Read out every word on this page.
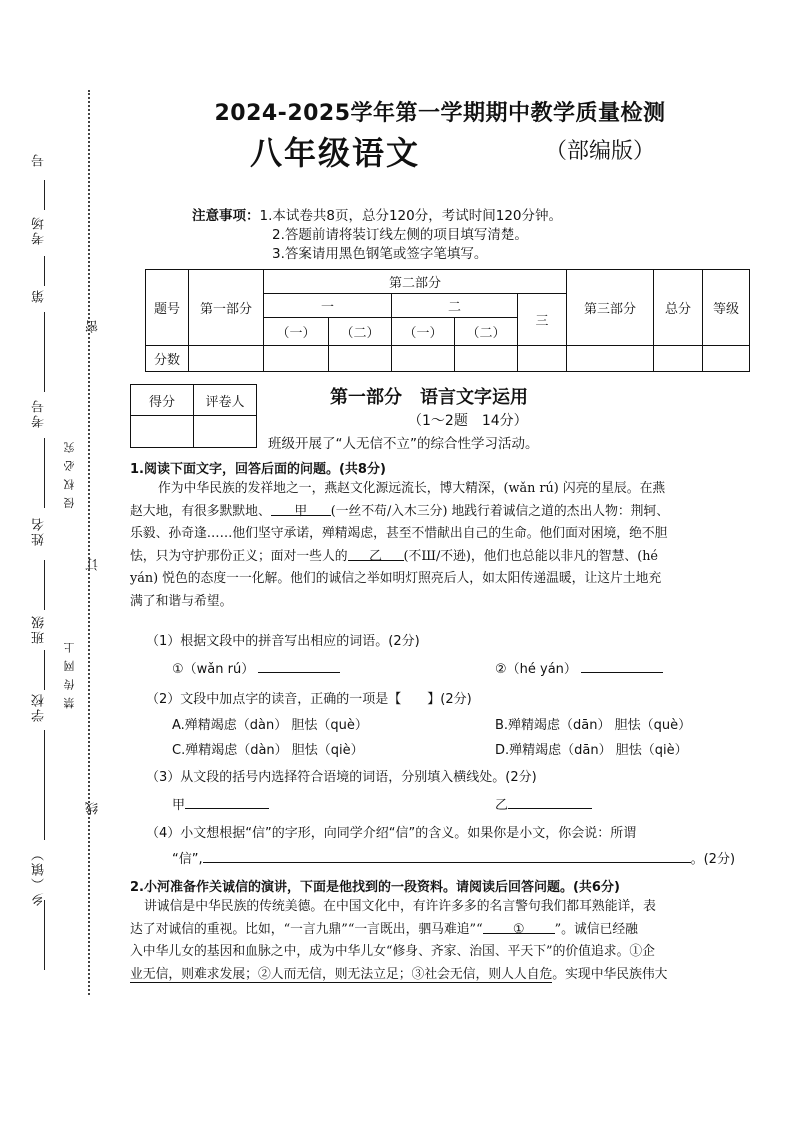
号
考场
第
考号
姓名
班级
学校
乡（镇）
侵 权 必 究
禁 传 网 上
密
订
线
2024-2025学年第一学期期中教学质量检测
八年级语文	（部编版）
注意事项：1.本试卷共8页，总分120分，考试时间120分钟。
2.答题前请将装订线左侧的项目填写清楚。
3.答案请用黑色钢笔或签字笔填写。
题号	第一部分	第二部分					第三部分	总分	等级
		一		二		三			
		（一）	（二）	（一）	（二）				
分数									
得分	评卷人
		第一部分　语言文字运用
（1～2题　14分）
班级开展了“人无信不立”的综合性学习活动。
1.阅读下面文字，回答后面的问题。(共8分)
作为中华民族的发祥地之一，燕赵文化源远流长，博大精深，(wǎn rú) 闪亮的星辰。在燕
赵大地，有很多默默地、 甲 (一丝不苟/入木三分) 地践行着诚信之道的杰出人物：荆轲、
乐毅、孙奇逢……他们坚守承诺，殚精竭虑，甚至不惜献出自己的生命。他们面对困境，绝不胆
怯，只为守护那份正义；面对一些人的 乙 (不Ш/不逊)，他们也总能以非凡的智慧、(hé
yán) 悦色的态度一一化解。他们的诚信之举如明灯照亮后人，如太阳传递温暖，让这片土地充
满了和谐与希望。
（1）根据文段中的拼音写出相应的词语。(2分)
①（wǎn rú）	②（hé yán）
（2）文段中加点字的读音，正确的一项是【　　】(2分)
A.殚精竭虑（dàn） 胆怯（què）	B.殚精竭虑（dān） 胆怯（què）
C.殚精竭虑（dàn） 胆怯（qiè）	D.殚精竭虑（dān） 胆怯（qiè）
（3）从文段的括号内选择符合语境的词语，分别填入横线处。(2分)
甲	乙
（4）小文想根据“信”的字形，向同学介绍“信”的含义。如果你是小文，你会说：所谓
“信”,	。(2分)
2.小河准备作关诚信的演讲，下面是他找到的一段资料。请阅读后回答问题。(共6分)
讲诚信是中华民族的传统美德。在中国文化中，有许许多多的名言警句我们都耳熟能详，表
达了对诚信的重视。比如，“一言九鼎”“一言既出，驷马难追”“ ① ”。诚信已经融
入中华儿女的基因和血脉之中，成为中华儿女“修身、齐家、治国、平天下”的价值追求。①企
业无信，则难求发展；②人而无信，则无法立足；③社会无信，则人人自危。实现中华民族伟大
